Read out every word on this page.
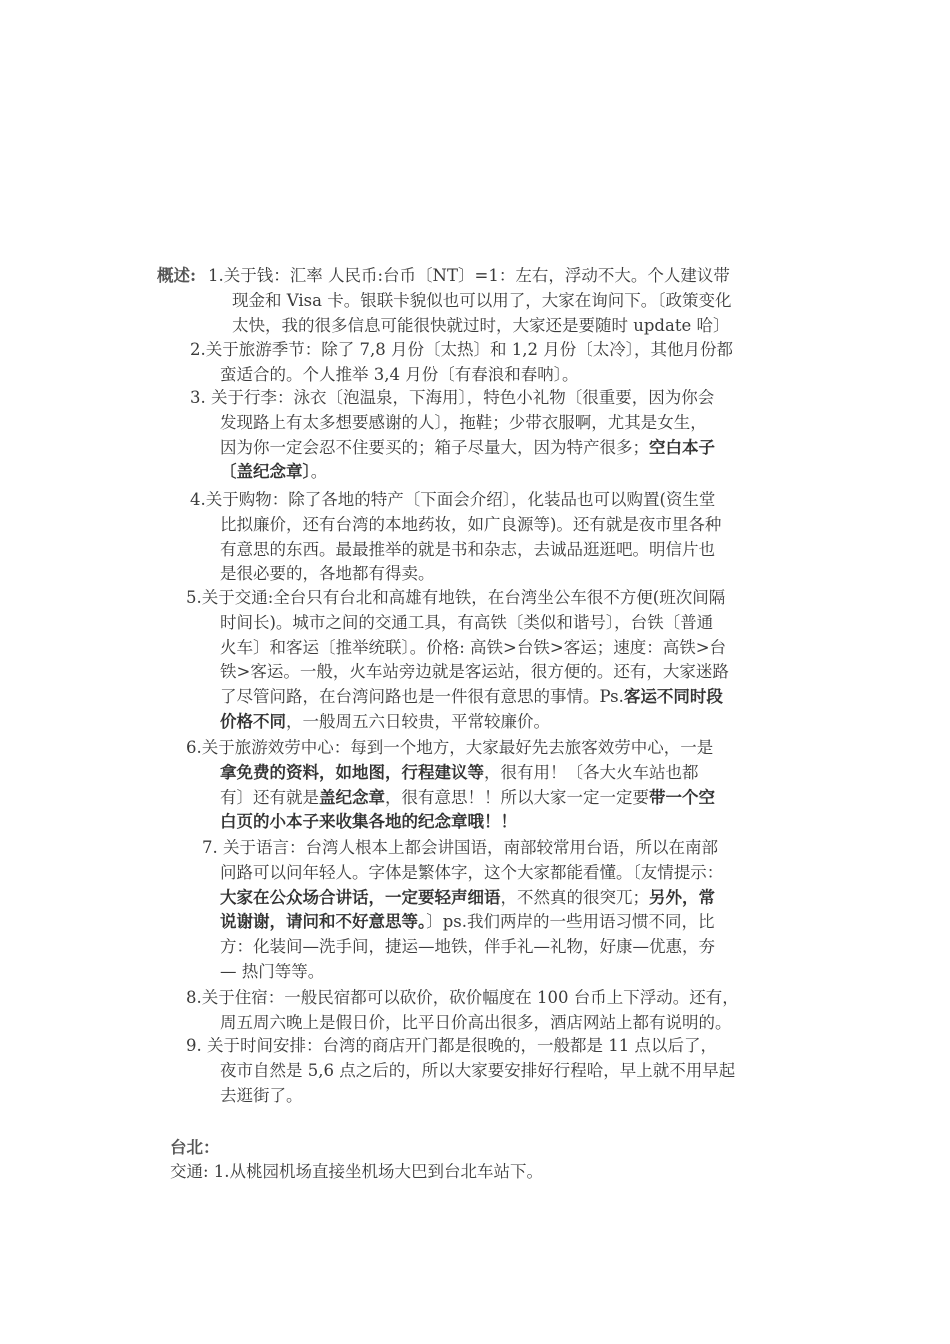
概述: 1.关于钱：汇率 人民币:台币〔NT〕=1：左右，浮动不大。个人建议带
现金和 Visa 卡。银联卡貌似也可以用了，大家在询问下。〔政策变化
太快，我的很多信息可能很快就过时，大家还是要随时 update 哈〕
2.关于旅游季节：除了 7,8 月份〔太热〕和 1,2 月份〔太冷〕，其他月份都
蛮适合的。个人推举 3,4 月份〔有春浪和春呐〕。
3. 关于行李：泳衣〔泡温泉，下海用〕，特色小礼物〔很重要，因为你会
发现路上有太多想要感谢的人〕，拖鞋；少带衣服啊，尤其是女生，
因为你一定会忍不住要买的；箱子尽量大，因为特产很多；空白本子
〔盖纪念章〕。
4.关于购物：除了各地的特产〔下面会介绍〕，化装品也可以购置(资生堂
比拟廉价，还有台湾的本地药妆，如广良源等)。还有就是夜市里各种
有意思的东西。最最推举的就是书和杂志，去诚品逛逛吧。明信片也
是很必要的，各地都有得卖。
5.关于交通:全台只有台北和高雄有地铁，在台湾坐公车很不方便(班次间隔
时间长)。城市之间的交通工具，有高铁〔类似和谐号〕，台铁〔普通
火车〕和客运〔推举统联〕。价格: 高铁>台铁>客运；速度：高铁>台
铁>客运。一般，火车站旁边就是客运站，很方便的。还有，大家迷路
了尽管问路，在台湾问路也是一件很有意思的事情。Ps.客运不同时段
价格不同，一般周五六日较贵，平常较廉价。
6.关于旅游效劳中心：每到一个地方，大家最好先去旅客效劳中心，一是
拿免费的资料，如地图，行程建议等，很有用！〔各大火车站也都
有〕还有就是盖纪念章，很有意思！！所以大家一定一定要带一个空
白页的小本子来收集各地的纪念章哦！！
7. 关于语言：台湾人根本上都会讲国语，南部较常用台语，所以在南部
问路可以问年轻人。字体是繁体字，这个大家都能看懂。〔友情提示：
大家在公众场合讲话，一定要轻声细语，不然真的很突兀；另外，常
说谢谢，请问和不好意思等。〕ps.我们两岸的一些用语习惯不同，比
方：化装间—洗手间，捷运—地铁，伴手礼—礼物，好康—优惠，夯
— 热门等等。
8.关于住宿：一般民宿都可以砍价，砍价幅度在 100 台币上下浮动。还有，
周五周六晚上是假日价，比平日价高出很多，酒店网站上都有说明的。
9. 关于时间安排：台湾的商店开门都是很晚的，一般都是 11 点以后了，
夜市自然是 5,6 点之后的，所以大家要安排好行程哈，早上就不用早起
去逛街了。
台北：
交通: 1.从桃园机场直接坐机场大巴到台北车站下。
